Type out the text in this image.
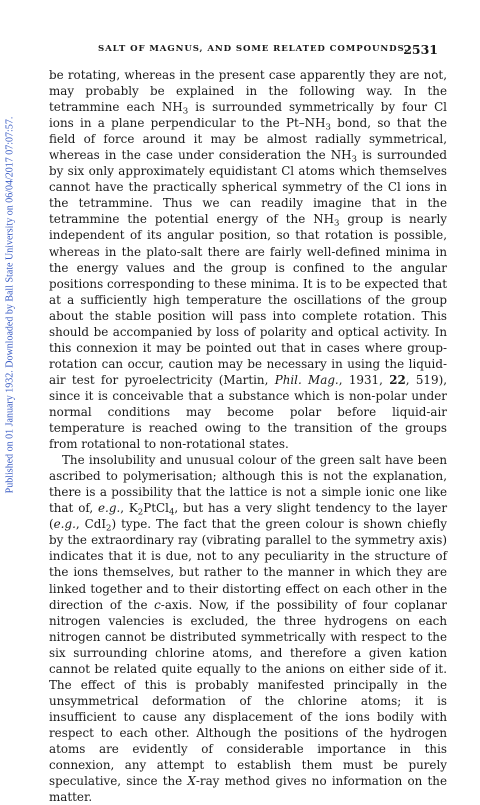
SALT OF MAGNUS, AND SOME RELATED COMPOUNDS.
2531
Published on 01 January 1932. Downloaded by Ball State University on 06/04/2017 07:07:57.

be rotating, whereas in the present case apparently they are not, may probably be explained in the following way. In the tetrammine each $NH_3$ is surrounded symmetrically by four Cl ions in a plane perpendicular to the $Pt-NH_3$ bond, so that the field of force around it may be almost radially symmetrical, whereas in the case under consideration the $NH_3$ is surrounded by six only approximately equidistant Cl atoms which themselves cannot have the practically spherical symmetry of the Cl ions in the tetrammine. Thus we can readily imagine that in the tetrammine the potential energy of the $NH_3$ group is nearly independent of its angular position, so that rotation is possible, whereas in the plato-salt there are fairly well-defined minima in the energy values and the group is confined to the angular positions corresponding to these minima. It is to be expected that at a sufficiently high temperature the oscillations of the group about the stable position will pass into complete rotation. This should be accompanied by loss of polarity and optical activity. In this connexion it may be pointed out that in cases where group-rotation can occur, caution may be necessary in using the liquid-air test for pyroelectricity (Martin, Phil. Mag., 1931, 22, 519), since it is conceivable that a substance which is non-polar under normal conditions may become polar before liquid-air temperature is reached owing to the transition of the groups from rotational to non-rotational states.

The insolubility and unusual colour of the green salt have been ascribed to polymerisation; although this is not the explanation, there is a possibility that the lattice is not a simple ionic one like that of, e.g., $K_2PtCl_4$, but has a very slight tendency to the layer (e.g., CdI$_2$) type. The fact that the green colour is shown chiefly by the extraordinary ray (vibrating parallel to the symmetry axis) indicates that it is due, not to any peculiarity in the structure of the ions themselves, but rather to the manner in which they are linked together and to their distorting effect on each other in the direction of the c-axis. Now, if the possibility of four coplanar nitrogen valencies is excluded, the three hydrogens on each nitrogen cannot be distributed symmetrically with respect to the six surrounding chlorine atoms, and therefore a given kation cannot be related quite equally to the anions on either side of it. The effect of this is probably manifested principally in the unsymmetrical deformation of the chlorine atoms; it is insufficient to cause any displacement of the ions bodily with respect to each other. Although the positions of the hydrogen atoms are evidently of considerable importance in this connexion, any attempt to establish them must be purely speculative, since the X-ray method gives no information on the matter.
